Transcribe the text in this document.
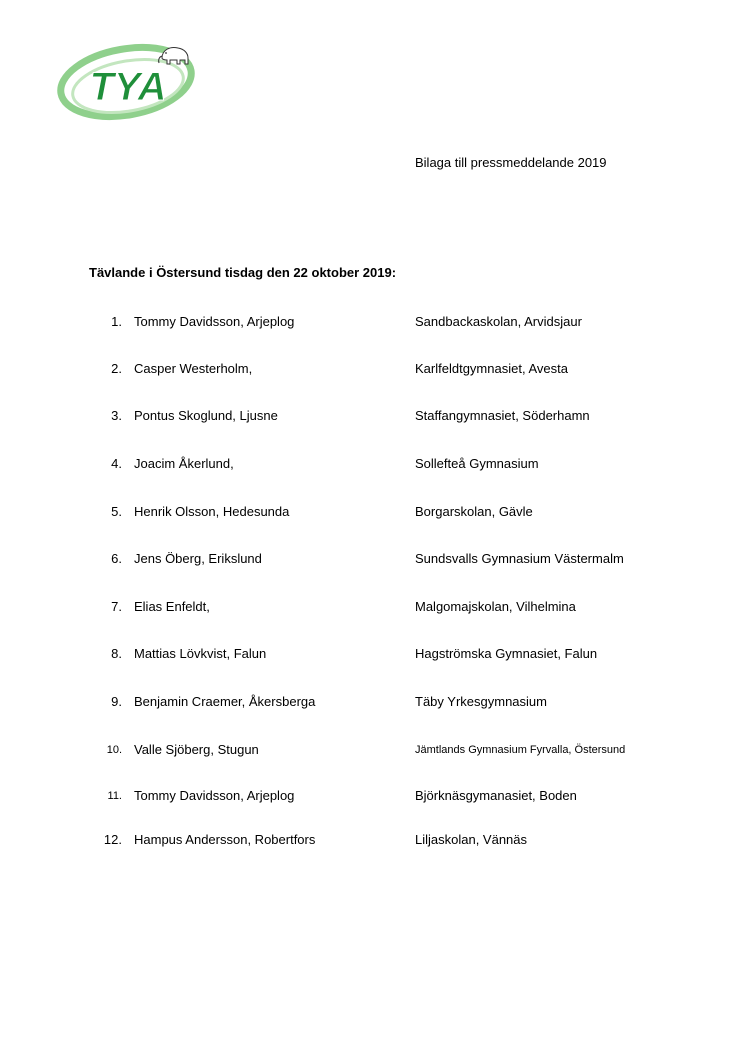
TYA
Bilaga till pressmeddelande 2019
Tävlande i Östersund tisdag den 22 oktober 2019:
1. Tommy Davidsson, Arjeplog	Sandbackaskolan, Arvidsjaur
2. Casper Westerholm,	Karlfeldtgymnasiet, Avesta
3. Pontus Skoglund, Ljusne	Staffangymnasiet, Söderhamn
4. Joacim Åkerlund,	Sollefteå Gymnasium
5. Henrik Olsson, Hedesunda	Borgarskolan, Gävle
6. Jens Öberg, Erikslund	Sundsvalls Gymnasium Västermalm
7. Elias Enfeldt,	Malgomajskolan, Vilhelmina
8. Mattias Lövkvist, Falun	Hagströmska Gymnasiet, Falun
9. Benjamin Craemer, Åkersberga	Täby Yrkesgymnasium
10. Valle Sjöberg, Stugun	Jämtlands Gymnasium Fyrvalla, Östersund
11. Tommy Davidsson, Arjeplog	Björknäsgymanasiet, Boden
12. Hampus Andersson, Robertfors	Liljaskolan, Vännäs
